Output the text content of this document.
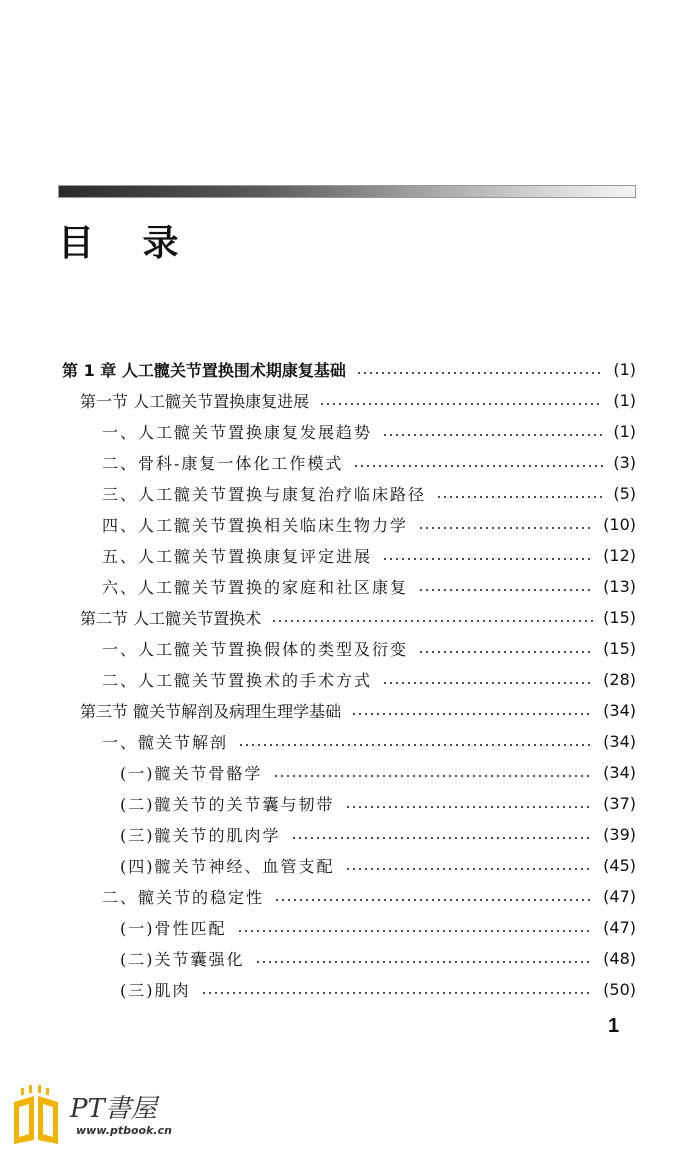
目 录
第 1 章 人工髋关节置换围术期康复基础	(1)
第一节 人工髋关节置换康复进展	(1)
一、人工髋关节置换康复发展趋势	(1)
二、骨科-康复一体化工作模式	(3)
三、人工髋关节置换与康复治疗临床路径	(5)
四、人工髋关节置换相关临床生物力学	(10)
五、人工髋关节置换康复评定进展	(12)
六、人工髋关节置换的家庭和社区康复	(13)
第二节 人工髋关节置换术	(15)
一、人工髋关节置换假体的类型及衍变	(15)
二、人工髋关节置换术的手术方式	(28)
第三节 髋关节解剖及病理生理学基础	(34)
一、髋关节解剖	(34)
(一)髋关节骨骼学	(34)
(二)髋关节的关节囊与韧带	(37)
(三)髋关节的肌肉学	(39)
(四)髋关节神经、血管支配	(45)
二、髋关节的稳定性	(47)
(一)骨性匹配	(47)
(二)关节囊强化	(48)
(三)肌肉	(50)
1
PT書屋
www.ptbook.cn
